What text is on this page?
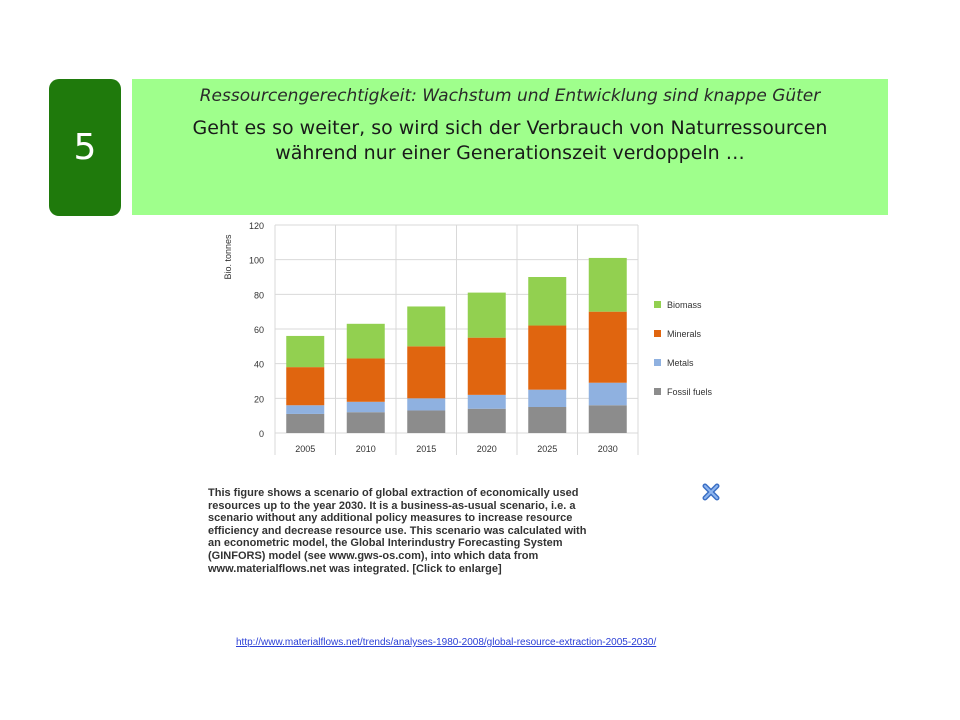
5
Ressourcengerechtigkeit: Wachstum und Entwicklung sind knappe Güter
Geht es so weiter, so wird sich der Verbrauch von Naturressourcen während nur einer Generationszeit verdoppeln …
0
20
40
60
80
100
120
Bio. tonnes
2005	2010	2015	2020	2025	2030
Biomass
Minerals
Metals
Fossil fuels
This figure shows a scenario of global extraction of economically used resources up to the year 2030. It is a business-as-usual scenario, i.e. a scenario without any additional policy measures to increase resource efficiency and decrease resource use. This scenario was calculated with an econometric model, the Global Interindustry Forecasting System (GINFORS) model (see www.gws-os.com), into which data from www.materialflows.net was integrated. [Click to enlarge]
http://www.materialflows.net/trends/analyses-1980-2008/global-resource-extraction-2005-2030/
